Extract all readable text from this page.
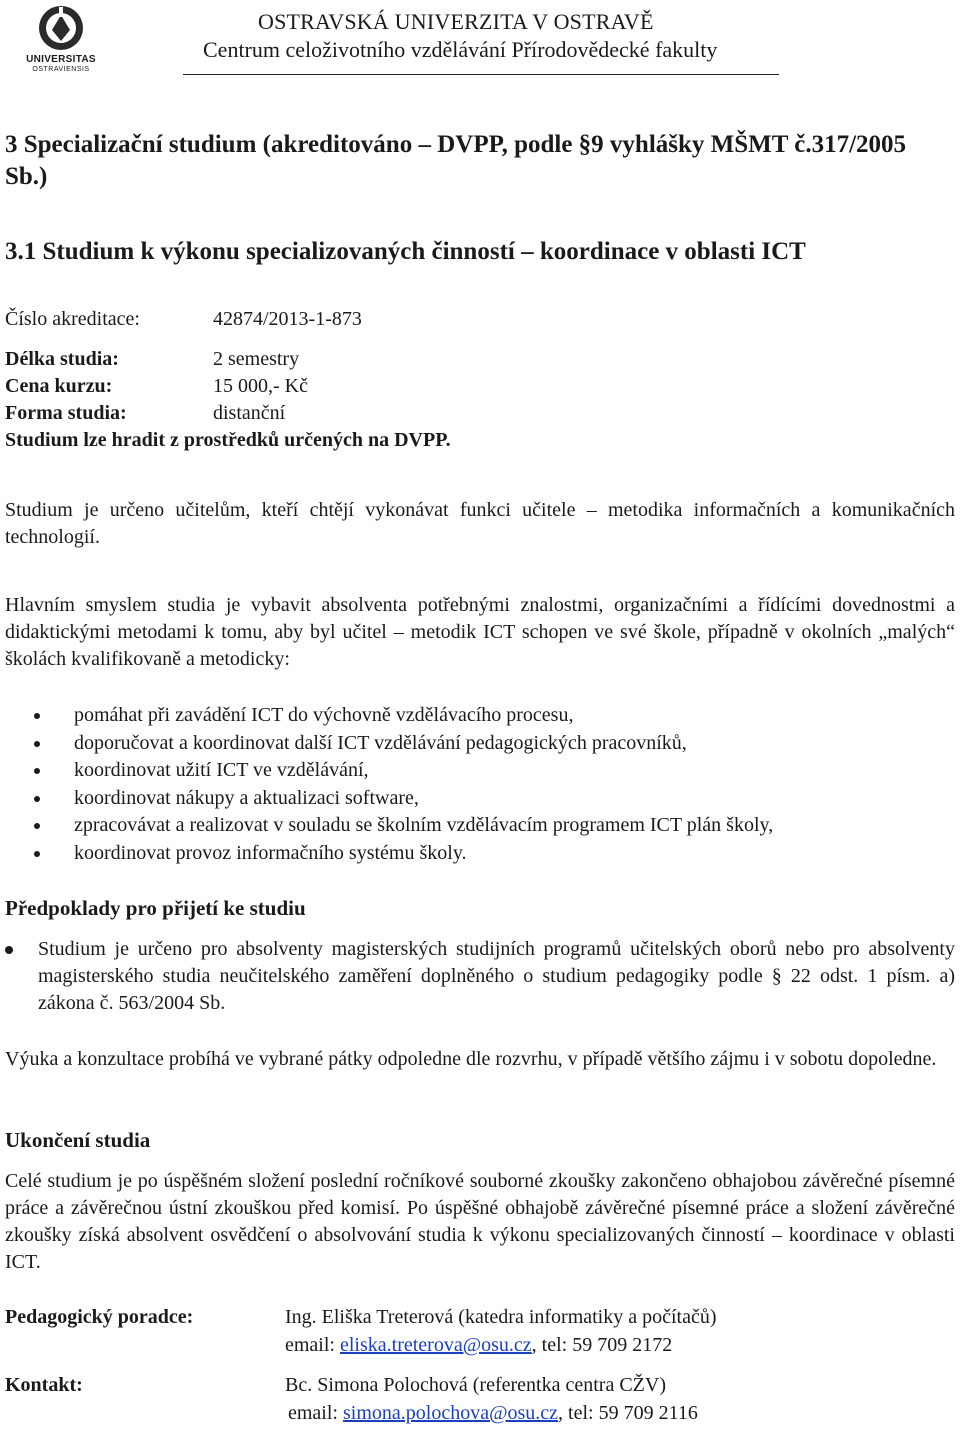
UNIVERSITAS
OSTRAVIENSIS
OSTRAVSKÁ UNIVERZITA V OSTRAVĚ
Centrum celoživotního vzdělávání Přírodovědecké fakulty
3 Specializační studium (akreditováno – DVPP, podle §9 vyhlášky MŠMT č.317/2005 Sb.)
3.1 Studium k výkonu specializovaných činností – koordinace v oblasti ICT
Číslo akreditace:	42874/2013-1-873
Délka studia:	2 semestry
Cena kurzu:	15 000,- Kč
Forma studia:	distanční
Studium lze hradit z prostředků určených na DVPP.
Studium je určeno učitelům, kteří chtějí vykonávat funkci učitele – metodika informačních a komunikačních technologií.
Hlavním smyslem studia je vybavit absolventa potřebnými znalostmi, organizačními a řídícími dovednostmi a didaktickými metodami k tomu, aby byl učitel – metodik ICT schopen ve své škole, případně v okolních „malých“ školách kvalifikovaně a metodicky:
pomáhat při zavádění ICT do výchovně vzdělávacího procesu,
doporučovat a koordinovat další ICT vzdělávání pedagogických pracovníků,
koordinovat užití ICT ve vzdělávání,
koordinovat nákupy a aktualizaci software,
zpracovávat a realizovat v souladu se školním vzdělávacím programem ICT plán školy,
koordinovat provoz informačního systému školy.
Předpoklady pro přijetí ke studiu
Studium je určeno pro absolventy magisterských studijních programů učitelských oborů nebo pro absolventy magisterského studia neučitelského zaměření doplněného o studium pedagogiky podle § 22 odst. 1 písm. a) zákona č. 563/2004 Sb.
Výuka a konzultace probíhá ve vybrané pátky odpoledne dle rozvrhu, v případě většího zájmu i v sobotu dopoledne.
Ukončení studia
Celé studium je po úspěšném složení poslední ročníkové souborné zkoušky zakončeno obhajobou závěrečné písemné práce a závěrečnou ústní zkouškou před komisí. Po úspěšné obhajobě závěrečné písemné práce a složení závěrečné zkoušky získá absolvent osvědčení o absolvování studia k výkonu specializovaných činností – koordinace v oblasti ICT.
Pedagogický poradce:	Ing. Eliška Treterová (katedra informatiky a počítačů)
email: eliska.treterova@osu.cz, tel: 59 709 2172
Kontakt:	Bc. Simona Polochová (referentka centra CŽV)
email: simona.polochova@osu.cz, tel: 59 709 2116
